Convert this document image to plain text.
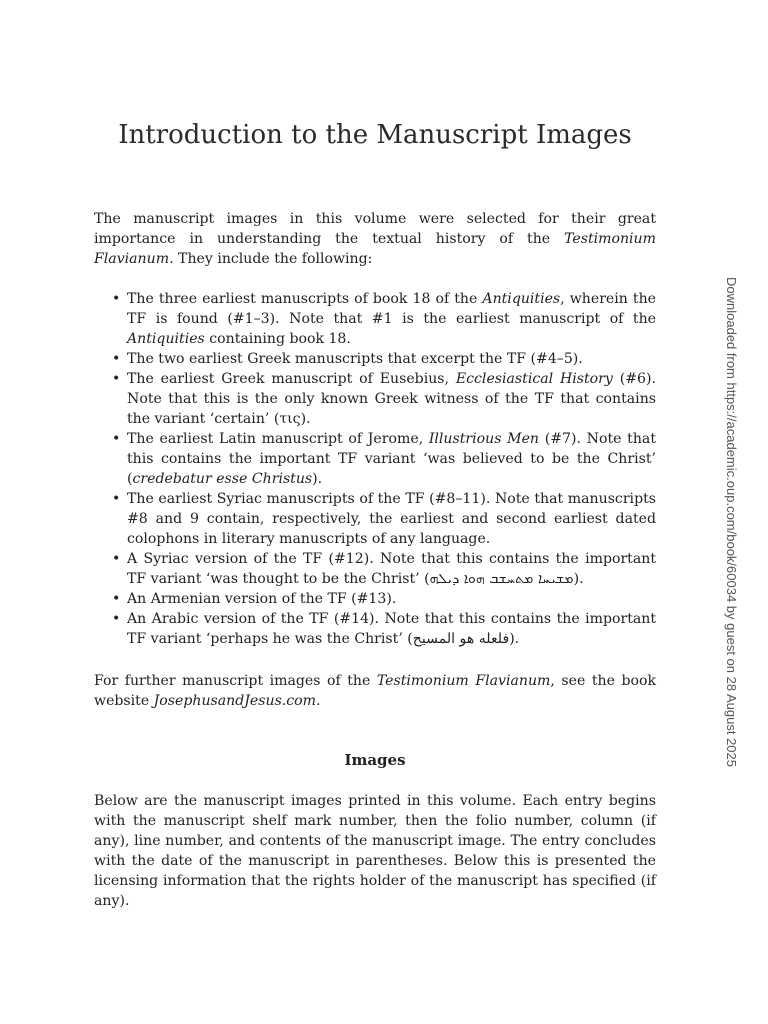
Introduction to the Manuscript Images

The manuscript images in this volume were selected for their great importance in understanding the textual history of the Testimonium Flavianum. They include the following:

• The three earliest manuscripts of book 18 of the Antiquities, wherein the TF is found (#1–3). Note that #1 is the earliest manuscript of the Antiquities containing book 18.
• The two earliest Greek manuscripts that excerpt the TF (#4–5).
• The earliest Greek manuscript of Eusebius, Ecclesiastical History (#6). Note that this is the only known Greek witness of the TF that contains the variant ‘certain’ (τις).
• The earliest Latin manuscript of Jerome, Illustrious Men (#7). Note that this contains the important TF variant ‘was believed to be the Christ’ (credebatur esse Christus).
• The earliest Syriac manuscripts of the TF (#8–11). Note that manuscripts #8 and 9 contain, respectively, the earliest and second earliest dated colophons in literary manuscripts of any language.
• A Syriac version of the TF (#12). Note that this contains the important TF variant ‘was thought to be the Christ’ (ܡܫܝܚܐ ܡܬܚܫܒ ܗܘܐ ܕܝܠܗ).
• An Armenian version of the TF (#13).
• An Arabic version of the TF (#14). Note that this contains the important TF variant ‘perhaps he was the Christ’ (فلعله هو المسيح).

For further manuscript images of the Testimonium Flavianum, see the book website JosephusandJesus.com.

Images

Below are the manuscript images printed in this volume. Each entry begins with the manuscript shelf mark number, then the folio number, column (if any), line number, and contents of the manuscript image. The entry concludes with the date of the manuscript in parentheses. Below this is presented the licensing information that the rights holder of the manuscript has specified (if any).

Downloaded from https://academic.oup.com/book/60034 by guest on 28 August 2025
